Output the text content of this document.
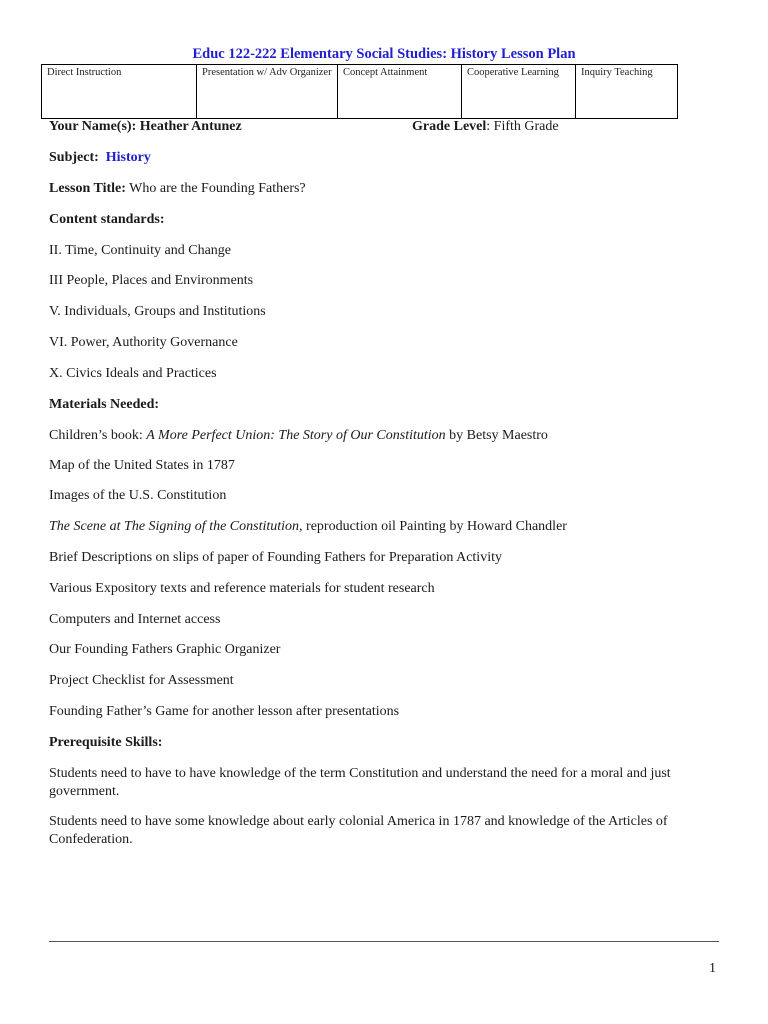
Educ 122-222 Elementary Social Studies: History Lesson Plan
Direct Instruction	Presentation w/ Adv Organizer	Concept Attainment	Cooperative Learning	Inquiry Teaching
Your Name(s): Heather Antunez	Grade Level: Fifth Grade
Subject: History
Lesson Title: Who are the Founding Fathers?
Content standards:
II. Time, Continuity and Change
III People, Places and Environments
V. Individuals, Groups and Institutions
VI. Power, Authority Governance
X. Civics Ideals and Practices
Materials Needed:
Children’s book: A More Perfect Union: The Story of Our Constitution by Betsy Maestro
Map of the United States in 1787
Images of the U.S. Constitution
The Scene at The Signing of the Constitution, reproduction oil Painting by Howard Chandler
Brief Descriptions on slips of paper of Founding Fathers for Preparation Activity
Various Expository texts and reference materials for student research
Computers and Internet access
Our Founding Fathers Graphic Organizer
Project Checklist for Assessment
Founding Father’s Game for another lesson after presentations
Prerequisite Skills:
Students need to have to have knowledge of the term Constitution and understand the need for a moral and just government.
Students need to have some knowledge about early colonial America in 1787 and knowledge of the Articles of Confederation.
1
